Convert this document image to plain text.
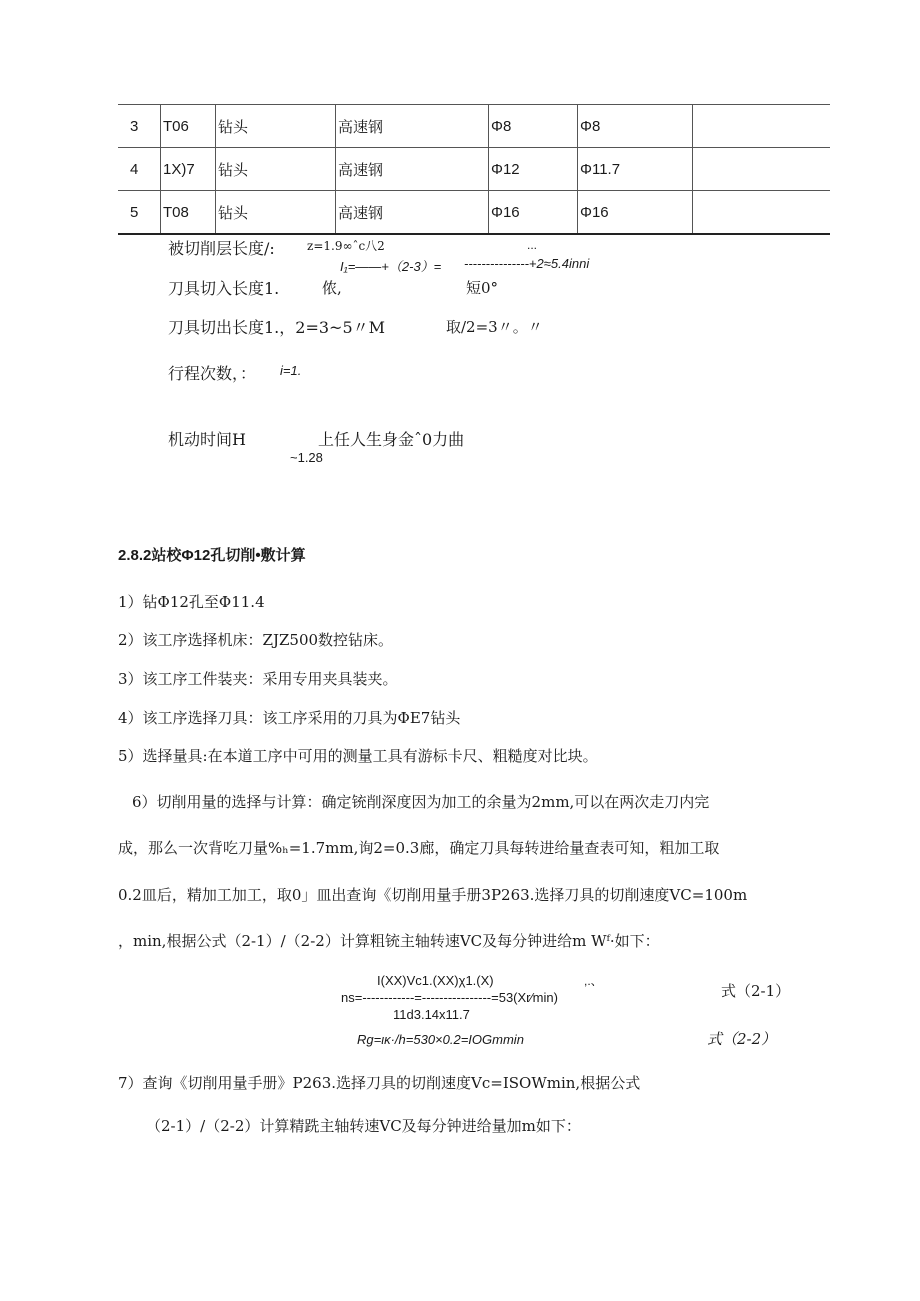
3	T06	钻头	高速钢	Φ8	Φ8	
4	1X)7	钻头	高速钢	Φ12	Φ11.7	
5	T08	钻头	高速钢	Φ16	Φ16	
被切削层长度/:	z=1.9∞ˆc八2	...
I₁=——+（2-3）= ---------------+2≈5.4inni
刀具切入长度1.	侬,	短0°
刀具切出长度1.，2=3~5〃M	取/2=3〃。〃
行程次数，： i=1.
机动时间H	上任人生身金ˆ0力曲
~1.28
2.8.2站校Φ12孔切削•敷计算
1）钻Φ12孔至Φ11.4
2）该工序选择机床：ZJZ500数控钻床。
3）该工序工件装夹：采用专用夹具装夹。
4）该工序选择刀具：该工序采用的刀具为ΦE7钻头
5）选择量具:在本道工序中可用的测量工具有游标卡尺、粗糙度对比块。
6）切削用量的选择与计算：确定铳削深度因为加工的余量为2mm,可以在两次走刀内完
成，那么一次背吃刀量%ₕ=1.7mm,询2=0.3廊，确定刀具每转进给量查表可知，粗加工取
0.2皿后，精加工加工，取0」皿出查询《切削用量手册3P263.选择刀具的切削速度VC=100m
，min,根据公式（2-1）/（2-2）计算粗铳主轴转速VC及每分钟进给m Wᶠ·如下：
I(XX)Vc1.(XX)χ1.(X)	,.、
ns=------------=----------------=53(Xr∕min)
11d3.14x11.7
式（2-1）
Rg=ικ·/h=530×0.2=IOGmmin	式（2-2）
7）查询《切削用量手册》P263.选择刀具的切削速度Vc=ISOWmin,根据公式
（2-1）/（2-2）计算精跣主轴转速VC及每分钟进给量加m如下：
